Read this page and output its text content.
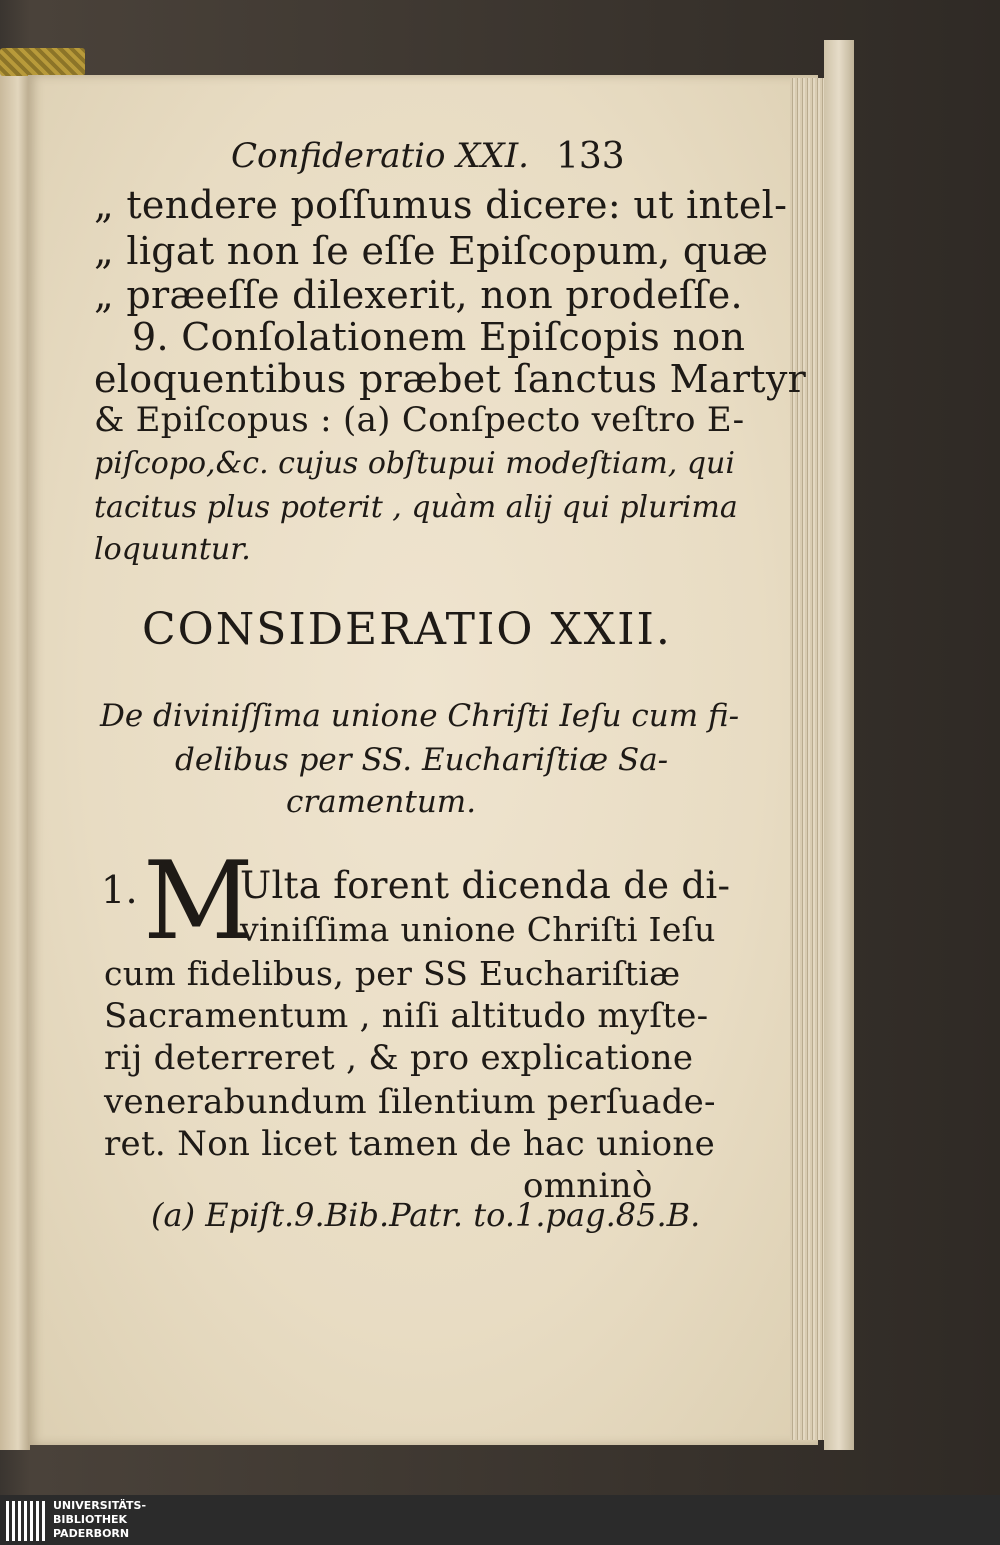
Confideratio XXI. 133
„ tendere poſſumus dicere: ut intel-
„ ligat non ſe eſſe Epiſcopum, quæ
„ præeſſe dilexerit, non prodeſſe.
9. Conſolationem Epiſcopis non
eloquentibus præbet ſanctus Martyr
& Epiſcopus : (a) Conſpecto veſtro E-
piſcopo,&c. cujus obſtupui modeſtiam, qui
tacitus plus poterit , quàm alij qui plurima
loquuntur.
CONSIDERATIO XXII.
De diviniſſima unione Chriſti Ieſu cum fi-
delibus per SS. Euchariſtiæ Sa-
cramentum.
1. M
Ulta forent dicenda de di-
viniſſima unione Chriſti Ieſu
cum fidelibus, per SS Euchariſtiæ
Sacramentum , niſi altitudo myſte-
rij deterreret , & pro explicatione
venerabundum ſilentium perſuade-
ret. Non licet tamen de hac unione
omninò
(a) Epiſt.9.Bib.Patr. to.1.pag.85.B.
UNIVERSITÄTS-
BIBLIOTHEK
PADERBORN
